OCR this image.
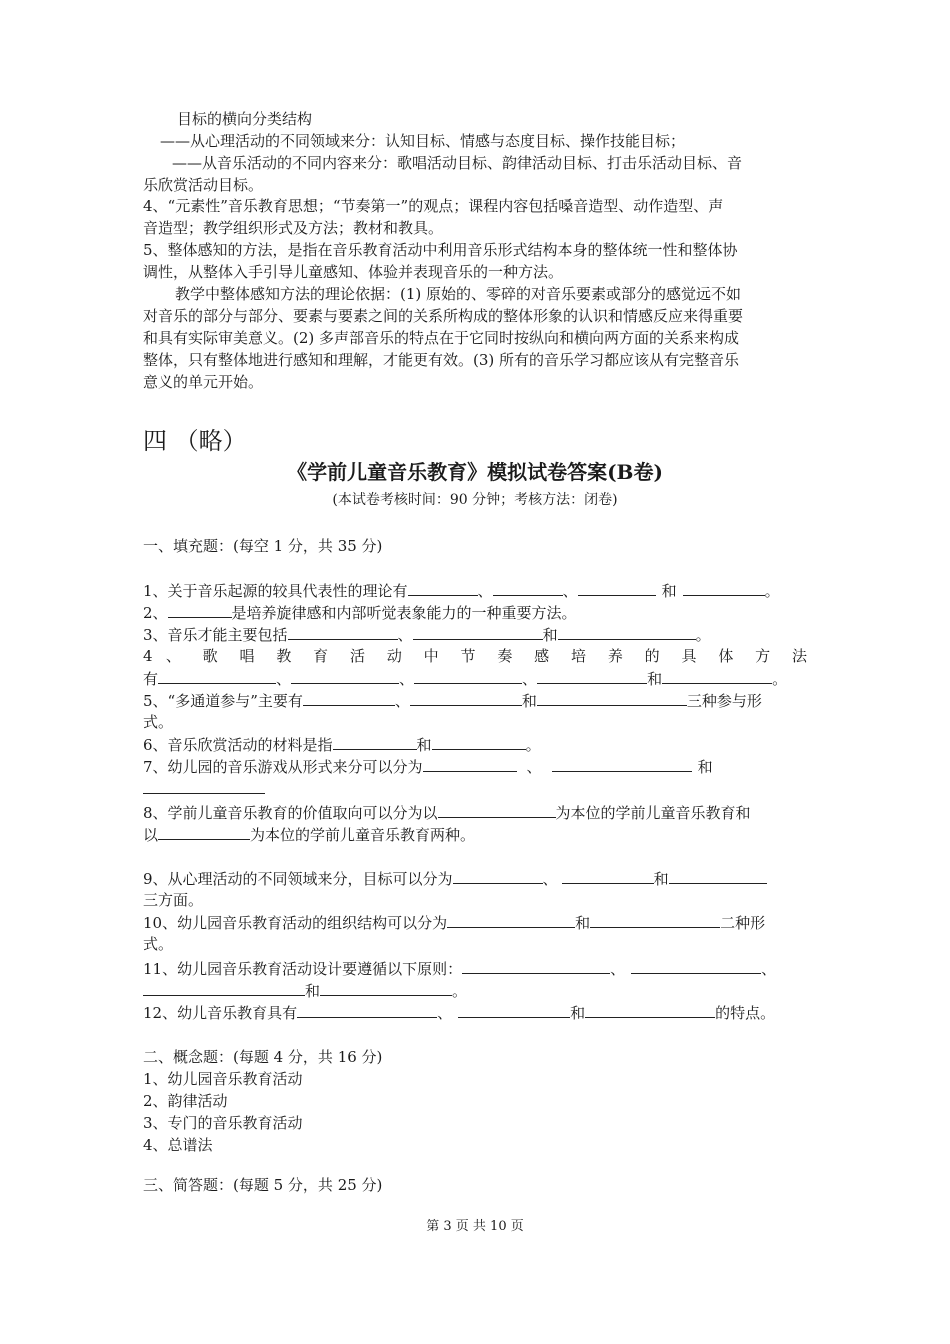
目标的横向分类结构
——从心理活动的不同领域来分：认知目标、情感与态度目标、操作技能目标；
——从音乐活动的不同内容来分：歌唱活动目标、韵律活动目标、打击乐活动目标、音
乐欣赏活动目标。
4、“元素性”音乐教育思想；“节奏第一”的观点；课程内容包括嗓音造型、动作造型、声
音造型；教学组织形式及方法；教材和教具。
5、整体感知的方法，是指在音乐教育活动中利用音乐形式结构本身的整体统一性和整体协
调性，从整体入手引导儿童感知、体验并表现音乐的一种方法。
教学中整体感知方法的理论依据：(1) 原始的、零碎的对音乐要素或部分的感觉远不如
对音乐的部分与部分、要素与要素之间的关系所构成的整体形象的认识和情感反应来得重要
和具有实际审美意义。(2) 多声部音乐的特点在于它同时按纵向和横向两方面的关系来构成
整体，只有整体地进行感知和理解，才能更有效。(3) 所有的音乐学习都应该从有完整音乐
意义的单元开始。
四 （略）
《学前儿童音乐教育》模拟试卷答案(B卷)
(本试卷考核时间：90 分钟；考核方法：闭卷)
一、填充题：(每空 1 分，共 35 分)
1、关于音乐起源的较具代表性的理论有	、	、	和	。
2、	是培养旋律感和内部听觉表象能力的一种重要方法。
3、音乐才能主要包括	、	和	。
4 、 歌 唱 教 育 活 动 中 节 奏 感 培 养 的 具 体 方 法
有	、	、	、	和	。
5、“多通道参与”主要有	、	和	三种参与形
式。
6、音乐欣赏活动的材料是指	和	。
7、幼儿园的音乐游戏从形式来分可以分为	、	和
8、学前儿童音乐教育的价值取向可以分为以	为本位的学前儿童音乐教育和
以	为本位的学前儿童音乐教育两种。
9、从心理活动的不同领域来分，目标可以分为	、	和
三方面。
10、幼儿园音乐教育活动的组织结构可以分为	和	二种形
式。
11、幼儿园音乐教育活动设计要遵循以下原则：	、	、
和	。
12、幼儿音乐教育具有	、	和	的特点。
二、概念题：(每题 4 分，共 16 分)
1、幼儿园音乐教育活动
2、韵律活动
3、专门的音乐教育活动
4、总谱法
三、简答题：(每题 5 分，共 25 分)
第 3 页 共 10 页
